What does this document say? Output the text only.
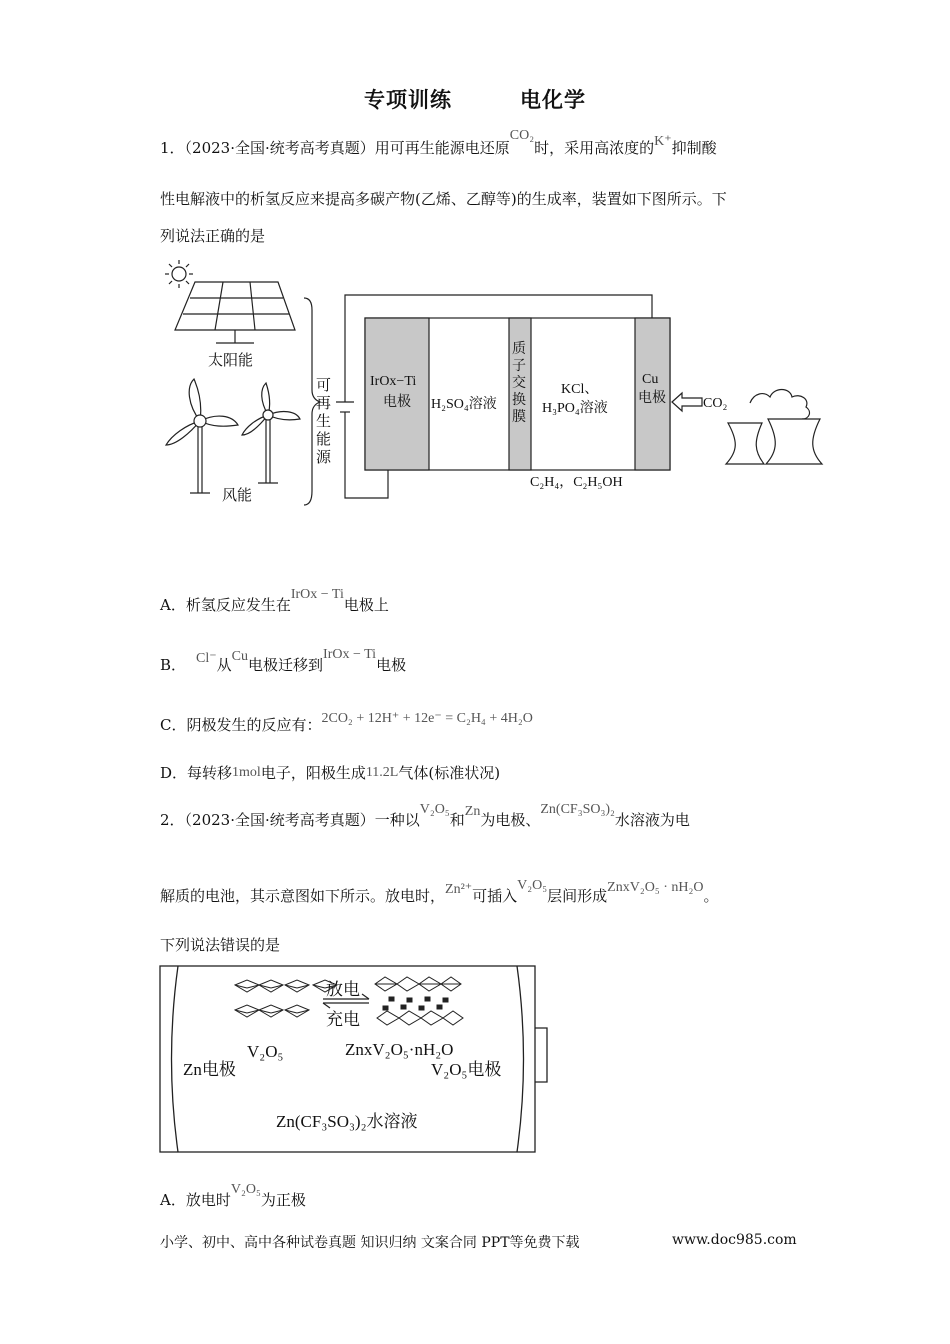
专项训练	电化学
1．（2023·全国·统考高考真题）用可再生能源电还原CO₂时，采用高浓度的K⁺抑制酸
性电解液中的析氢反应来提高多碳产物(乙烯、乙醇等)的生成率，装置如下图所示。下
列说法正确的是
太阳能
风能
可
再
生
能
源
IrOx−Ti
电极 H₂SO₄溶液
质
子
交
换
膜
KCl、
H₃PO₄溶液
Cu
电极	CO₂
C₂H₄，C₂H₅OH
A．析氢反应发生在IrOx − Ti电极上
B． Cl⁻从Cu电极迁移到IrOx − Ti电极
C．阴极发生的反应有：2CO₂ + 12H⁺ + 12e⁻ = C₂H₄ + 4H₂O
D．每转移1mol电子，阳极生成11.2L气体(标准状况)
2．（2023·全国·统考高考真题）一种以V₂O₅和Zn为电极、Zn(CF₃SO₃)₂水溶液为电
解质的电池，其示意图如下所示。放电时，Zn²⁺可插入V₂O₅层间形成ZnxV₂O₅ · nH₂O。
下列说法错误的是
放电
充电
V₂O₅	ZnxV₂O₅·nH₂O
Zn电极	V₂O₅电极
Zn(CF₃SO₃)₂水溶液
A．放电时V₂O₅为正极
小学、初中、高中各种试卷真题 知识归纳 文案合同 PPT等免费下载	www.doc985.com
